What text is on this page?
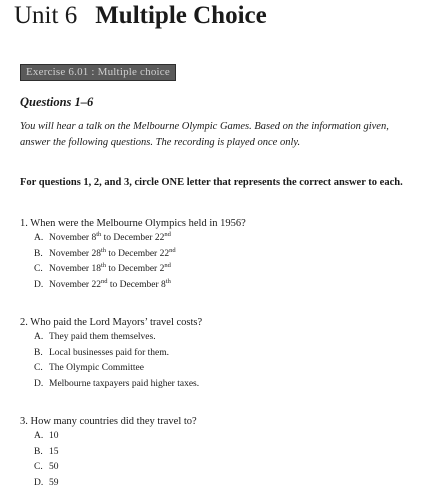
Unit 6 Multiple Choice
Exercise 6.01 : Multiple choice
Questions 1–6
You will hear a talk on the Melbourne Olympic Games. Based on the information given, answer the following questions. The recording is played once only.
For questions 1, 2, and 3, circle ONE letter that represents the correct answer to each.

1. When were the Melbourne Olympics held in 1956?

A. November 8th to December 22nd
B. November 28th to December 22nd
C. November 18th to December 2nd
D. November 22nd to December 8th

2. Who paid the Lord Mayors’ travel costs?

A. They paid them themselves.
B. Local businesses paid for them.
C. The Olympic Committee
D. Melbourne taxpayers paid higher taxes.

3. How many countries did they travel to?

A. 10
B. 15
C. 50
D. 59
